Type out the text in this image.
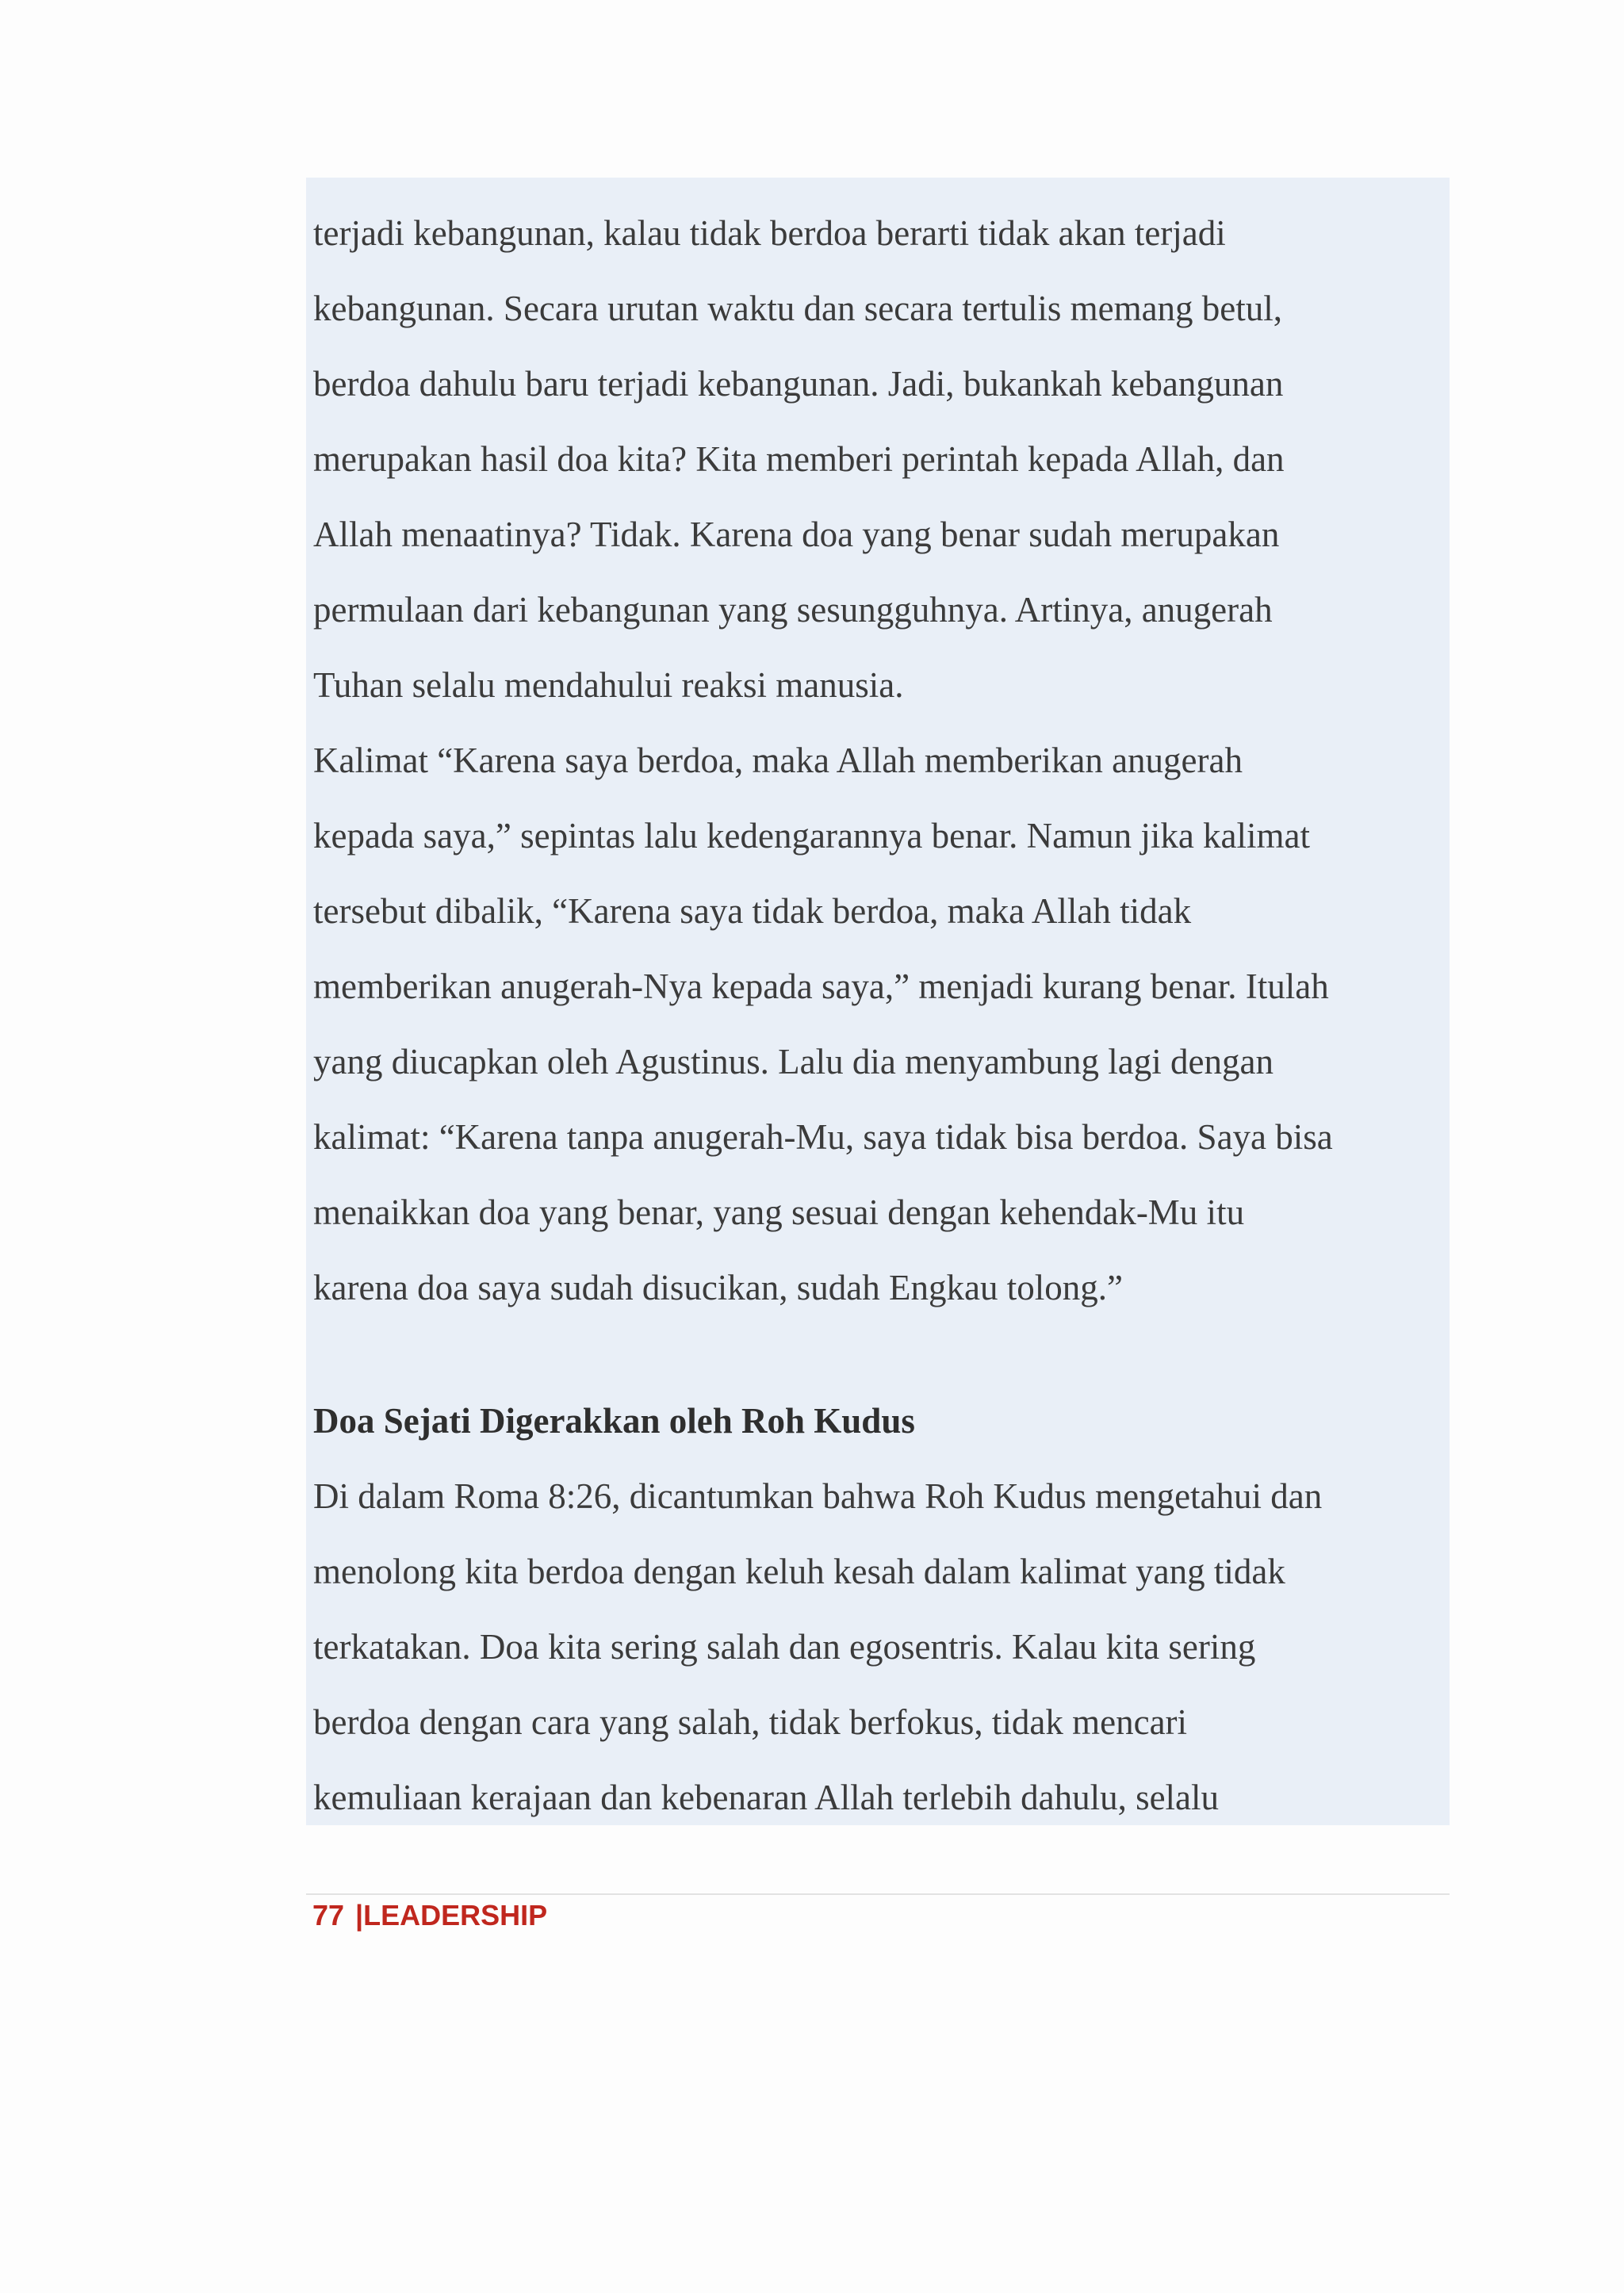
terjadi kebangunan, kalau tidak berdoa berarti tidak akan terjadi
kebangunan. Secara urutan waktu dan secara tertulis memang betul,
berdoa dahulu baru terjadi kebangunan. Jadi, bukankah kebangunan
merupakan hasil doa kita? Kita memberi perintah kepada Allah, dan
Allah menaatinya? Tidak. Karena doa yang benar sudah merupakan
permulaan dari kebangunan yang sesungguhnya. Artinya, anugerah
Tuhan selalu mendahului reaksi manusia.
Kalimat “Karena saya berdoa, maka Allah memberikan anugerah
kepada saya,” sepintas lalu kedengarannya benar. Namun jika kalimat
tersebut dibalik, “Karena saya tidak berdoa, maka Allah tidak
memberikan anugerah-Nya kepada saya,” menjadi kurang benar. Itulah
yang diucapkan oleh Agustinus. Lalu dia menyambung lagi dengan
kalimat: “Karena tanpa anugerah-Mu, saya tidak bisa berdoa. Saya bisa
menaikkan doa yang benar, yang sesuai dengan kehendak-Mu itu
karena doa saya sudah disucikan, sudah Engkau tolong.”
Doa Sejati Digerakkan oleh Roh Kudus
Di dalam Roma 8:26, dicantumkan bahwa Roh Kudus mengetahui dan
menolong kita berdoa dengan keluh kesah dalam kalimat yang tidak
terkatakan. Doa kita sering salah dan egosentris. Kalau kita sering
berdoa dengan cara yang salah, tidak berfokus, tidak mencari
kemuliaan kerajaan dan kebenaran Allah terlebih dahulu, selalu
77 |LEADERSHIP
